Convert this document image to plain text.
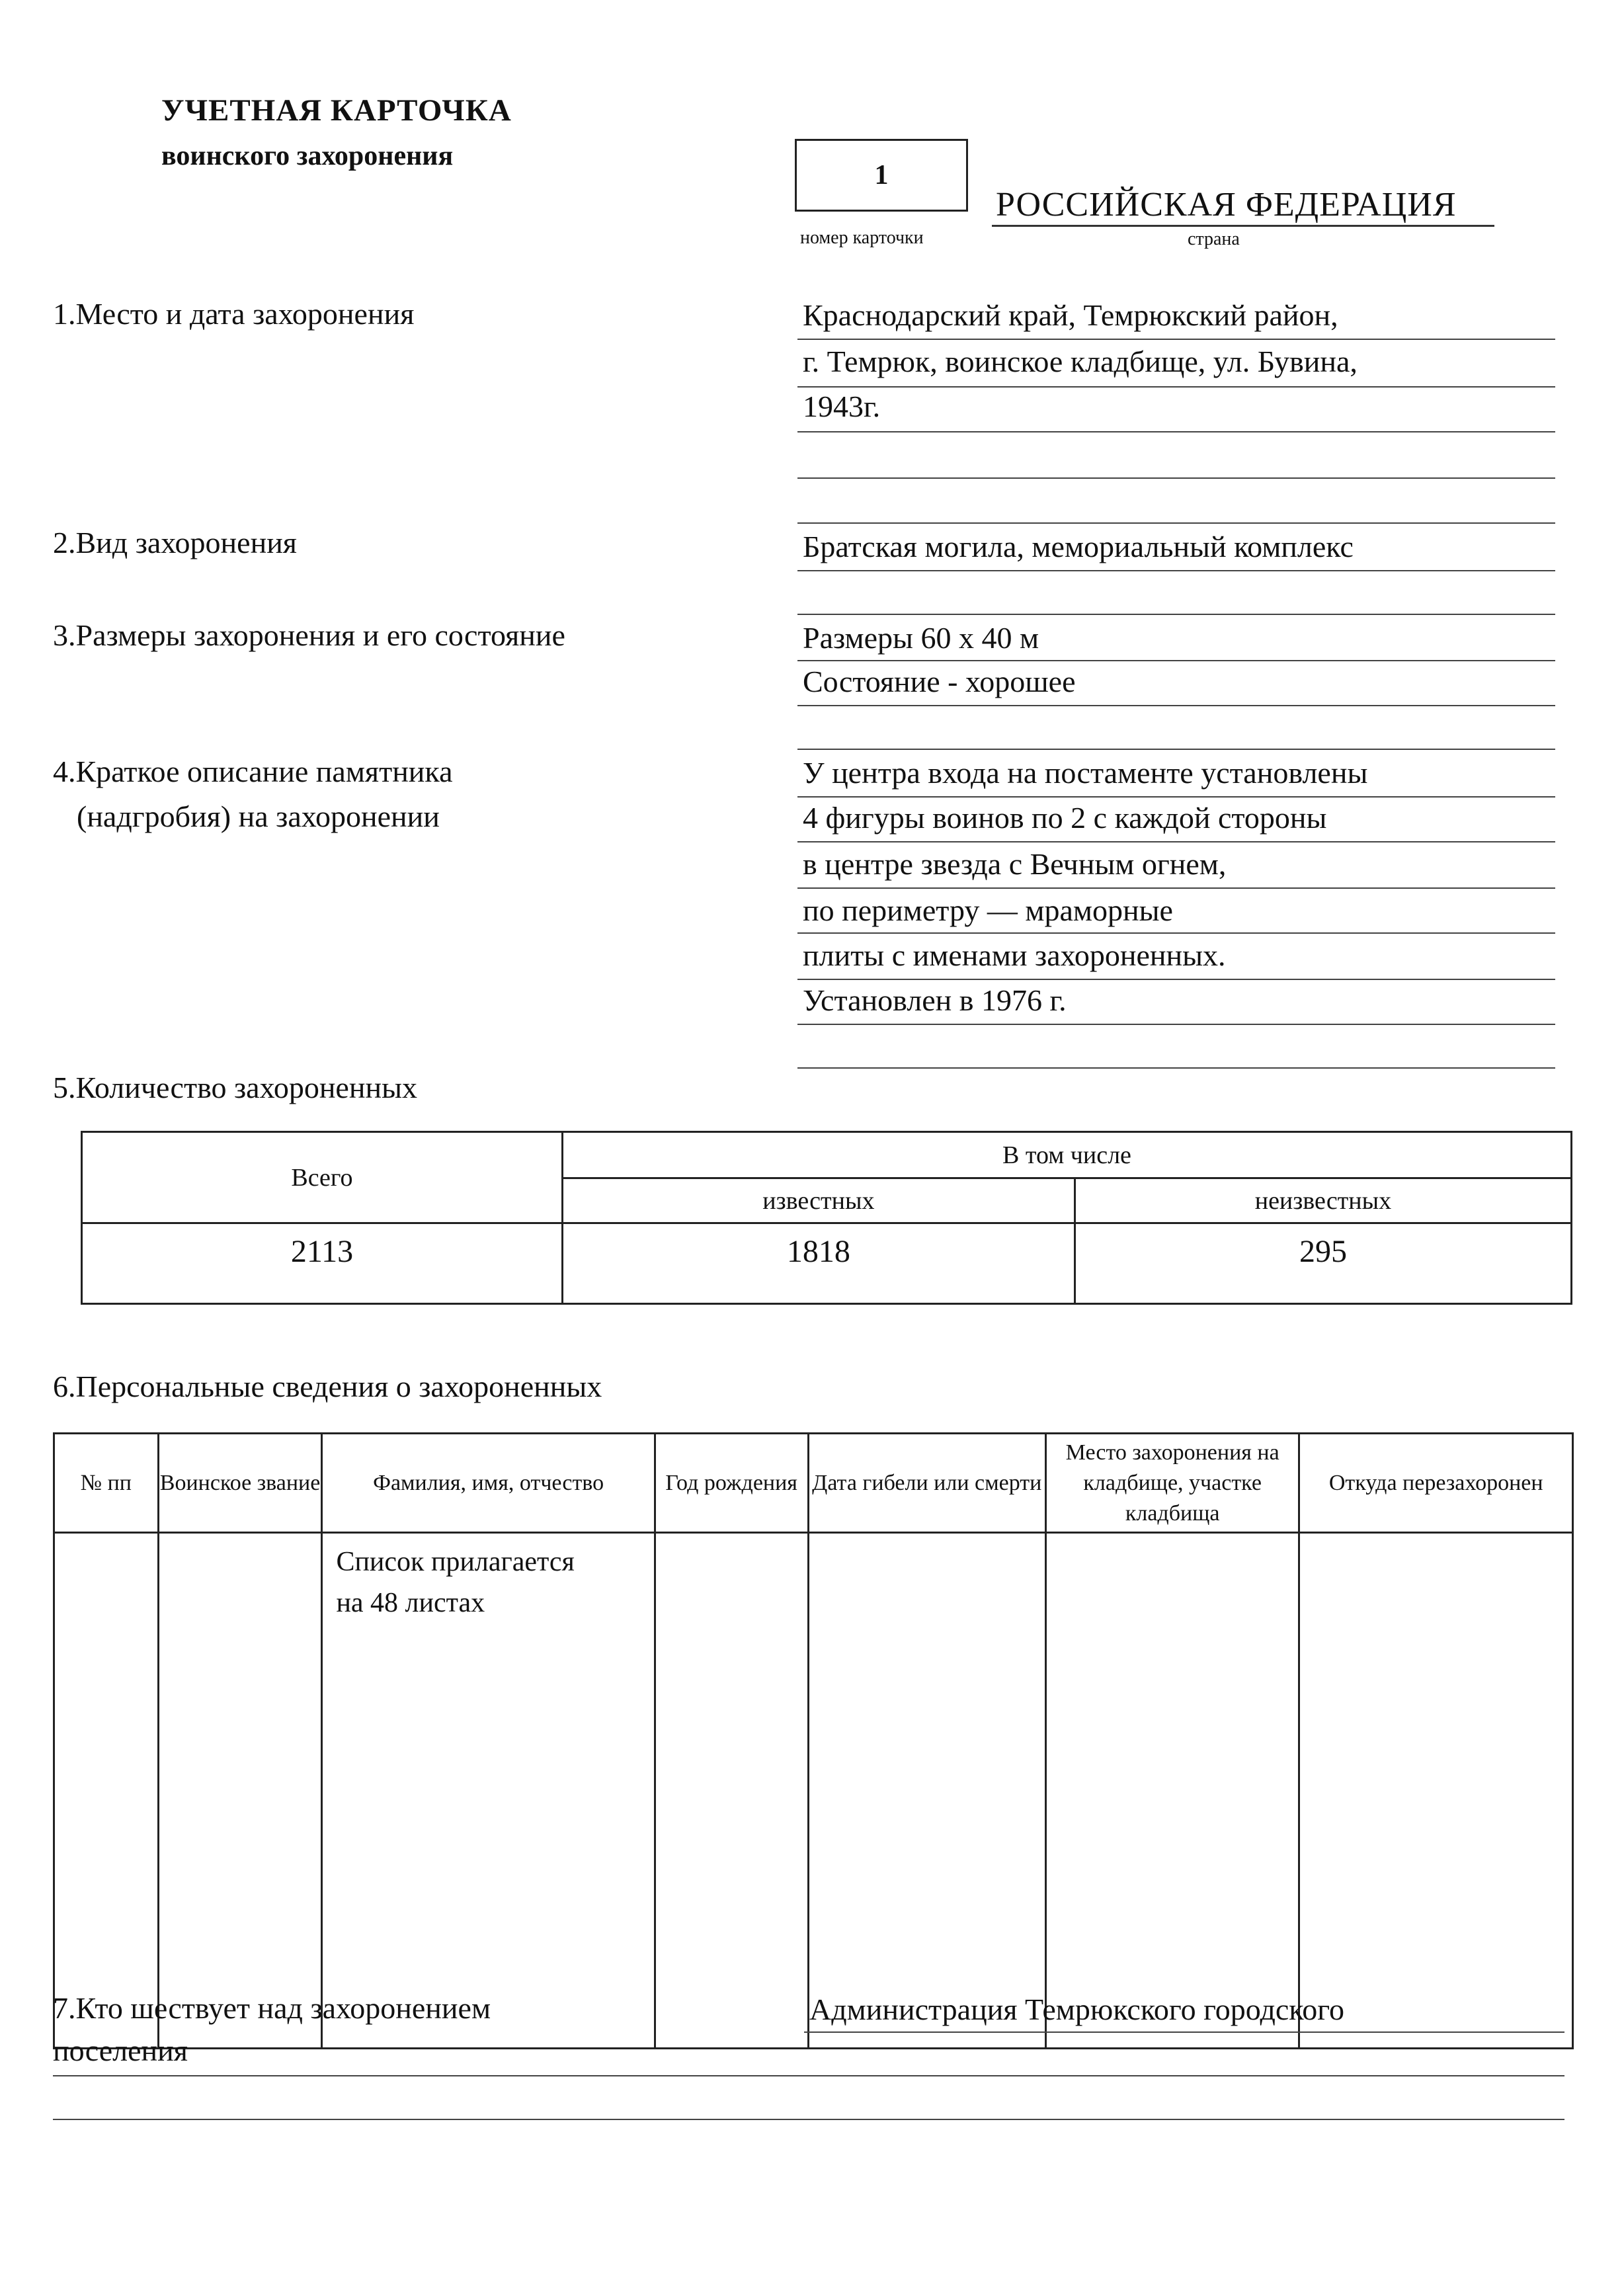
УЧЕТНАЯ КАРТОЧКА
воинского захоронения
1
номер карточки
РОССИЙСКАЯ ФЕДЕРАЦИЯ
страна
1.Место и дата захоронения	Краснодарский край, Темрюкский район,
г. Темрюк, воинское кладбище, ул. Бувина,
1943г.
2.Вид захоронения	Братская могила, мемориальный комплекс
3.Размеры захоронения и его состояние	Размеры 60 х 40 м
Состояние - хорошее
4.Краткое описание памятника
(надгробия) на захоронении
У центра входа на постаменте установлены
4 фигуры воинов по 2 с каждой стороны
в центре звезда с Вечным огнем,
по периметру — мраморные
плиты с именами захороненных.
Установлен в 1976 г.
5.Количество захороненных
Всего	В том числе	
	известных	неизвестных
2113	1818	295
6.Персональные сведения о захороненных
№ пп	Воинское звание	Фамилия, имя, отчество	Год рождения	Дата гибели или смерти	Место захоронения на кладбище, участке кладбища	Откуда перезахоронен

		Список прилагается
на 48 листах				

7.Кто шествует над захоронением	Администрация Темрюкского городского
поселения
